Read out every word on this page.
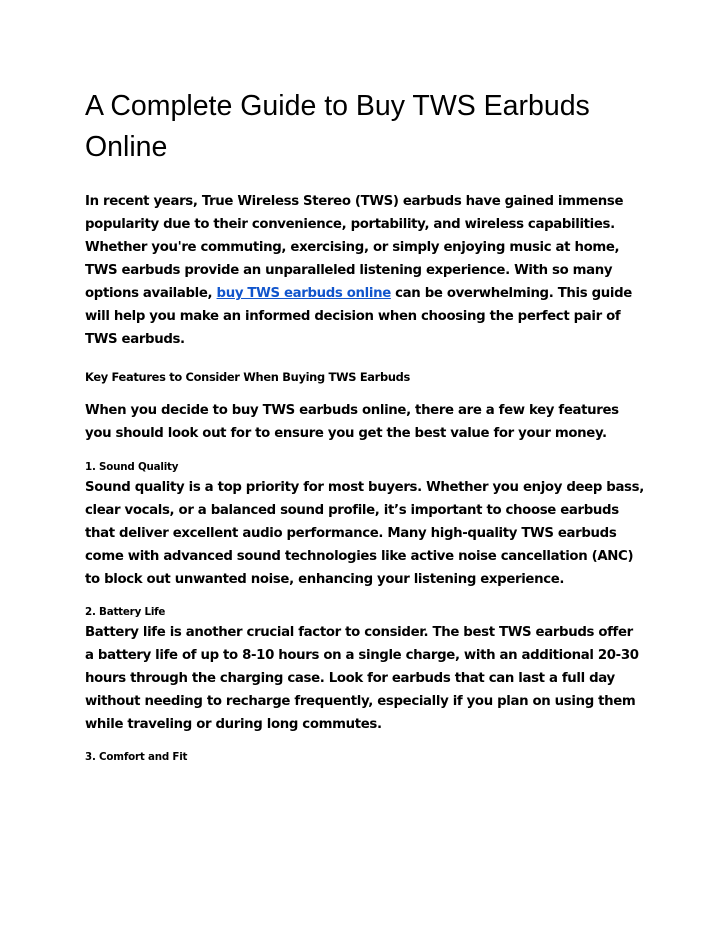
A Complete Guide to Buy TWS Earbuds Online

In recent years, True Wireless Stereo (TWS) earbuds have gained immense popularity due to their convenience, portability, and wireless capabilities. Whether you're commuting, exercising, or simply enjoying music at home, TWS earbuds provide an unparalleled listening experience. With so many options available, buy TWS earbuds online can be overwhelming. This guide will help you make an informed decision when choosing the perfect pair of TWS earbuds.

Key Features to Consider When Buying TWS Earbuds

When you decide to buy TWS earbuds online, there are a few key features you should look out for to ensure you get the best value for your money.

1. Sound Quality

Sound quality is a top priority for most buyers. Whether you enjoy deep bass, clear vocals, or a balanced sound profile, it’s important to choose earbuds that deliver excellent audio performance. Many high-quality TWS earbuds come with advanced sound technologies like active noise cancellation (ANC) to block out unwanted noise, enhancing your listening experience.

2. Battery Life

Battery life is another crucial factor to consider. The best TWS earbuds offer a battery life of up to 8-10 hours on a single charge, with an additional 20-30 hours through the charging case. Look for earbuds that can last a full day without needing to recharge frequently, especially if you plan on using them while traveling or during long commutes.

3. Comfort and Fit
